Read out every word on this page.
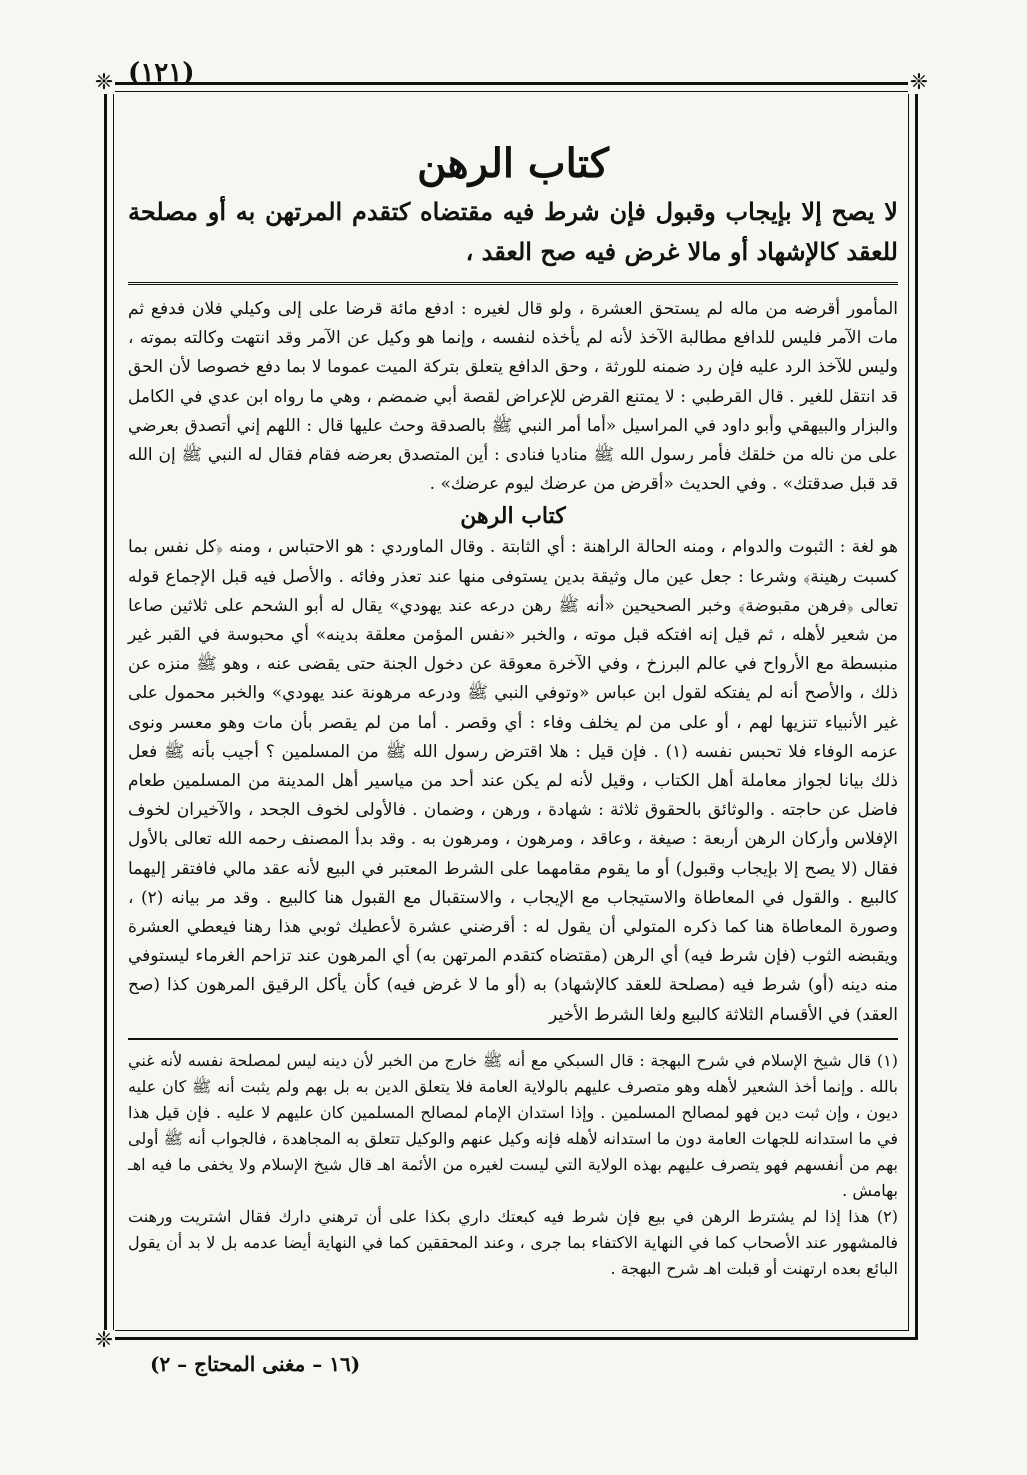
(١٢١)
❈	❈
❈
كتاب الرهن

لا يصح إلا بإيجاب وقبول فإن شرط فيه مقتضاه كتقدم المرتهن به أو مصلحة للعقد كالإشهاد أو مالا غرض فيه صح العقد ،

المأمور أقرضه من ماله لم يستحق العشرة ، ولو قال لغيره : ادفع مائة قرضا على إلى وكيلي فلان فدفع ثم مات الآمر فليس للدافع مطالبة الآخذ لأنه لم يأخذه لنفسه ، وإنما هو وكيل عن الآمر وقد انتهت وكالته بموته ، وليس للآخذ الرد عليه فإن رد ضمنه للورثة ، وحق الدافع يتعلق بتركة الميت عموما لا بما دفع خصوصا لأن الحق قد انتقل للغير . قال القرطبي : لا يمتنع القرض للإعراض لقصة أبي ضمضم ، وهي ما رواه ابن عدي في الكامل والبزار والبيهقي وأبو داود في المراسيل «أما أمر النبي ﷺ بالصدقة وحث عليها قال : اللهم إني أتصدق بعرضي على من ناله من خلقك فأمر رسول الله ﷺ مناديا فنادى : أين المتصدق بعرضه فقام فقال له النبي ﷺ إن الله قد قبل صدقتك» . وفي الحديث «أقرض من عرضك ليوم عرضك» .

كتاب الرهن

هو لغة : الثبوت والدوام ، ومنه الحالة الراهنة : أي الثابتة . وقال الماوردي : هو الاحتباس ، ومنه ﴿كل نفس بما كسبت رهينة﴾ وشرعا : جعل عين مال وثيقة بدين يستوفى منها عند تعذر وفائه . والأصل فيه قبل الإجماع قوله تعالى ﴿فرهن مقبوضة﴾ وخبر الصحيحين «أنه ﷺ رهن درعه عند يهودي» يقال له أبو الشحم على ثلاثين صاعا من شعير لأهله ، ثم قيل إنه افتكه قبل موته ، والخبر «نفس المؤمن معلقة بدينه» أي محبوسة في القبر غير منبسطة مع الأرواح في عالم البرزخ ، وفي الآخرة معوقة عن دخول الجنة حتى يقضى عنه ، وهو ﷺ منزه عن ذلك ، والأصح أنه لم يفتكه لقول ابن عباس «وتوفي النبي ﷺ ودرعه مرهونة عند يهودي» والخبر محمول على غير الأنبياء تنزيها لهم ، أو على من لم يخلف وفاء : أي وقصر . أما من لم يقصر بأن مات وهو معسر ونوى عزمه الوفاء فلا تحبس نفسه (١) . فإن قيل : هلا اقترض رسول الله ﷺ من المسلمين ؟ أجيب بأنه ﷺ فعل ذلك بيانا لجواز معاملة أهل الكتاب ، وقيل لأنه لم يكن عند أحد من مياسير أهل المدينة من المسلمين طعام فاضل عن حاجته . والوثائق بالحقوق ثلاثة : شهادة ، ورهن ، وضمان . فالأولى لخوف الجحد ، والآخيران لخوف الإفلاس وأركان الرهن أربعة : صيغة ، وعاقد ، ومرهون ، ومرهون به . وقد بدأ المصنف رحمه الله تعالى بالأول فقال (لا يصح إلا بإيجاب وقبول) أو ما يقوم مقامهما على الشرط المعتبر في البيع لأنه عقد مالي فافتقر إليهما كالبيع . والقول في المعاطاة والاستيجاب مع الإيجاب ، والاستقبال مع القبول هنا كالبيع . وقد مر بيانه (٢) ، وصورة المعاطاة هنا كما ذكره المتولي أن يقول له : أقرضني عشرة لأعطيك ثوبي هذا رهنا فيعطي العشرة ويقبضه الثوب (فإن شرط فيه) أي الرهن (مقتضاه كتقدم المرتهن به) أي المرهون عند تزاحم الغرماء ليستوفي منه دينه (أو) شرط فيه (مصلحة للعقد كالإشهاد) به (أو ما لا غرض فيه) كأن يأكل الرقيق المرهون كذا (صح العقد) في الأقسام الثلاثة كالبيع ولغا الشرط الأخير

(١) قال شيخ الإسلام في شرح البهجة : قال السبكي مع أنه ﷺ خارج من الخبر لأن دينه ليس لمصلحة نفسه لأنه غني بالله . وإنما أخذ الشعير لأهله وهو متصرف عليهم بالولاية العامة فلا يتعلق الدين به بل بهم ولم يثبت أنه ﷺ كان عليه ديون ، وإن ثبت دين فهو لمصالح المسلمين . وإذا استدان الإمام لمصالح المسلمين كان عليهم لا عليه . فإن قيل هذا في ما استدانه للجهات العامة دون ما استدانه لأهله فإنه وكيل عنهم والوكيل تتعلق به المجاهدة ، فالجواب أنه ﷺ أولى بهم من أنفسهم فهو يتصرف عليهم بهذه الولاية التي ليست لغيره من الأئمة اهـ قال شيخ الإسلام ولا يخفى ما فيه اهـ بهامش .

(٢) هذا إذا لم يشترط الرهن في بيع فإن شرط فيه كبعتك داري بكذا على أن ترهني دارك فقال اشتريت ورهنت فالمشهور عند الأصحاب كما في النهاية الاكتفاء بما جرى ، وعند المحققين كما في النهاية أيضا عدمه بل لا بد أن يقول البائع بعده ارتهنت أو قبلت اهـ شرح البهجة .

(١٦ – مغنى المحتاج – ٢)
